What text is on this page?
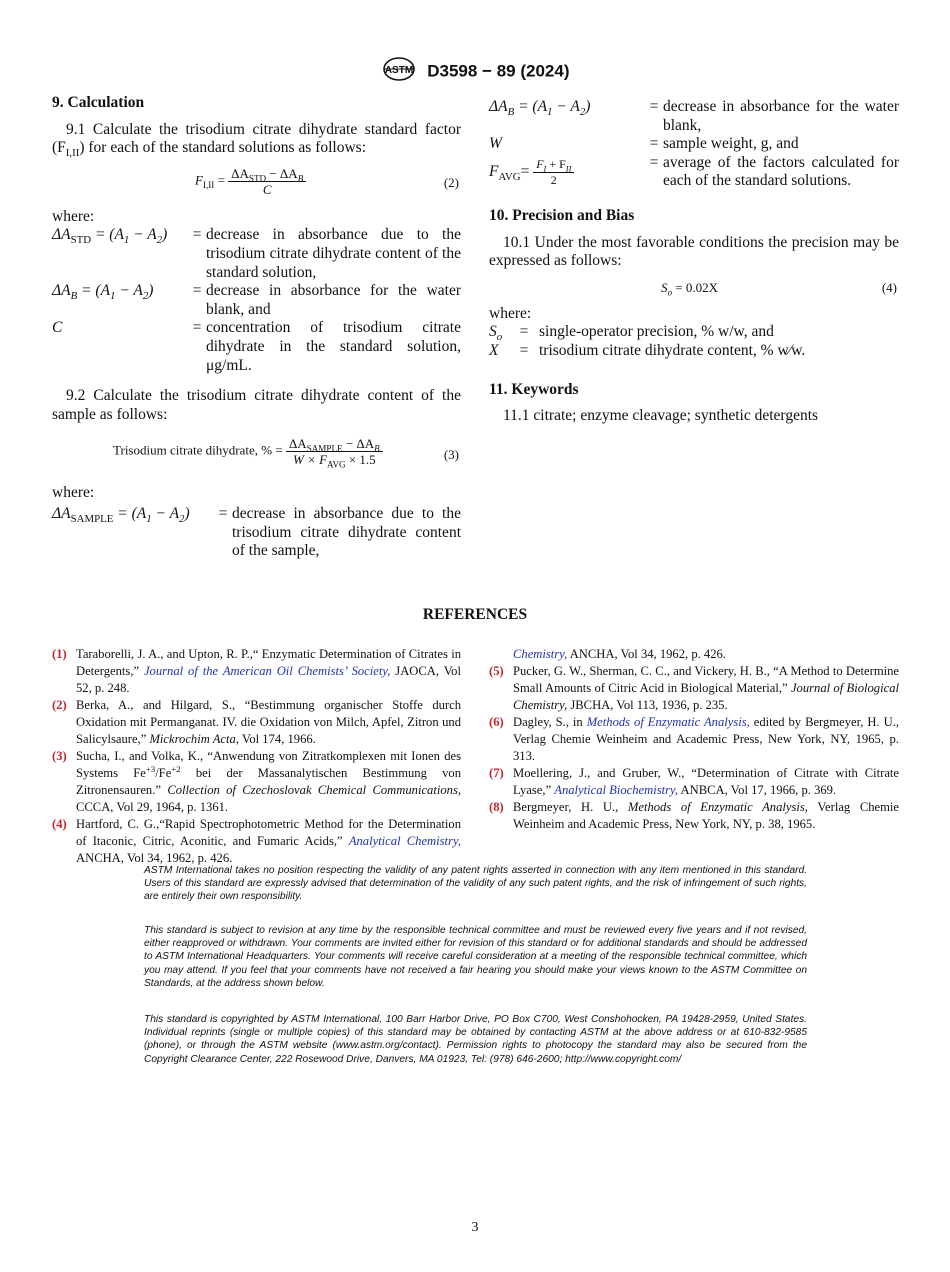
ASTM D3598 − 89 (2024)
9. Calculation

9.1 Calculate the trisodium citrate dihydrate standard factor $(F_{I,II})$ for each of the standard solutions as follows:

$F_{I,II} = \frac{\Delta A_{STD} - \Delta A_B}{C}$	(2)
where:
$\Delta A_{STD} = (A_1 - A_2)$	=	decrease in absorbance due to the trisodium citrate dihydrate content of the standard solution,
$\Delta A_B = (A_1 - A_2)$	=	decrease in absorbance for the water blank, and
C	=	concentration of trisodium citrate dihydrate in the standard solution, μg/mL.

9.2 Calculate the trisodium citrate dihydrate content of the sample as follows:

Trisodium citrate dihydrate, % = $\frac{\Delta A_{SAMPLE} - \Delta A_B}{W \times F_{AVG} \times 1.5}$	(3)
where:
$\Delta A_{SAMPLE} = (A_1 - A_2)$	=	decrease in absorbance due to the trisodium citrate dihydrate content of the sample,
$\Delta A_B = (A_1 - A_2)$	=	decrease in absorbance for the water blank,
W	=	sample weight, g, and
$F_{AVG}= \frac{F_I + F_{II}}{2}$	=	average of the factors calculated for each of the standard solutions.
10. Precision and Bias

10.1 Under the most favorable conditions the precision may be expressed as follows:

$S_o = 0.02X$	(4)
where:
$S_o$	=	single-operator precision, % w/w, and
X	=	trisodium citrate dihydrate content, % w⁄w.
11. Keywords

11.1 citrate; enzyme cleavage; synthetic detergents

REFERENCES
(1) Taraborelli, J. A., and Upton, R. P.,“ Enzymatic Determination of Citrates in Detergents,” Journal of the American Oil Chemists’ Society, JAOCA, Vol 52, p. 248.
(2) Berka, A., and Hilgard, S., “Bestimmung organischer Stoffe durch Oxidation mit Permanganat. IV. die Oxidation von Milch, Apfel, Zitron und Salicylsaure,” Mickrochim Acta, Vol 174, 1966.
(3) Sucha, I., and Volka, K., “Anwendung von Zitratkomplexen mit Ionen des Systems $Fe^{+3}/Fe^{+2}$ bei der Massanalytischen Bestimmung von Zitronensauren.” Collection of Czechoslovak Chemical Communications, CCCA, Vol 29, 1964, p. 1361.
(4) Hartford, C. G.,“Rapid Spectrophotometric Method for the Determination of Itaconic, Citric, Aconitic, and Fumaric Acids,” Analytical Chemistry, ANCHA, Vol 34, 1962, p. 426.
Chemistry, ANCHA, Vol 34, 1962, p. 426.
(5) Pucker, G. W., Sherman, C. C., and Vickery, H. B., “A Method to Determine Small Amounts of Citric Acid in Biological Material,” Journal of Biological Chemistry, JBCHA, Vol 113, 1936, p. 235.
(6) Dagley, S., in Methods of Enzymatic Analysis, edited by Bergmeyer, H. U., Verlag Chemie Weinheim and Academic Press, New York, NY, 1965, p. 313.
(7) Moellering, J., and Gruber, W., “Determination of Citrate with Citrate Lyase,” Analytical Biochemistry, ANBCA, Vol 17, 1966, p. 369.
(8) Bergmeyer, H. U., Methods of Enzymatic Analysis, Verlag Chemie Weinheim and Academic Press, New York, NY, p. 38, 1965.
ASTM International takes no position respecting the validity of any patent rights asserted in connection with any item mentioned in this standard. Users of this standard are expressly advised that determination of the validity of any such patent rights, and the risk of infringement of such rights, are entirely their own responsibility.
This standard is subject to revision at any time by the responsible technical committee and must be reviewed every five years and if not revised, either reapproved or withdrawn. Your comments are invited either for revision of this standard or for additional standards and should be addressed to ASTM International Headquarters. Your comments will receive careful consideration at a meeting of the responsible technical committee, which you may attend. If you feel that your comments have not received a fair hearing you should make your views known to the ASTM Committee on Standards, at the address shown below.
This standard is copyrighted by ASTM International, 100 Barr Harbor Drive, PO Box C700, West Conshohocken, PA 19428-2959, United States. Individual reprints (single or multiple copies) of this standard may be obtained by contacting ASTM at the above address or at 610-832-9585 (phone), or through the ASTM website (www.astm.org/contact). Permission rights to photocopy the standard may also be secured from the Copyright Clearance Center, 222 Rosewood Drive, Danvers, MA 01923, Tel: (978) 646-2600; http://www.copyright.com/
3
